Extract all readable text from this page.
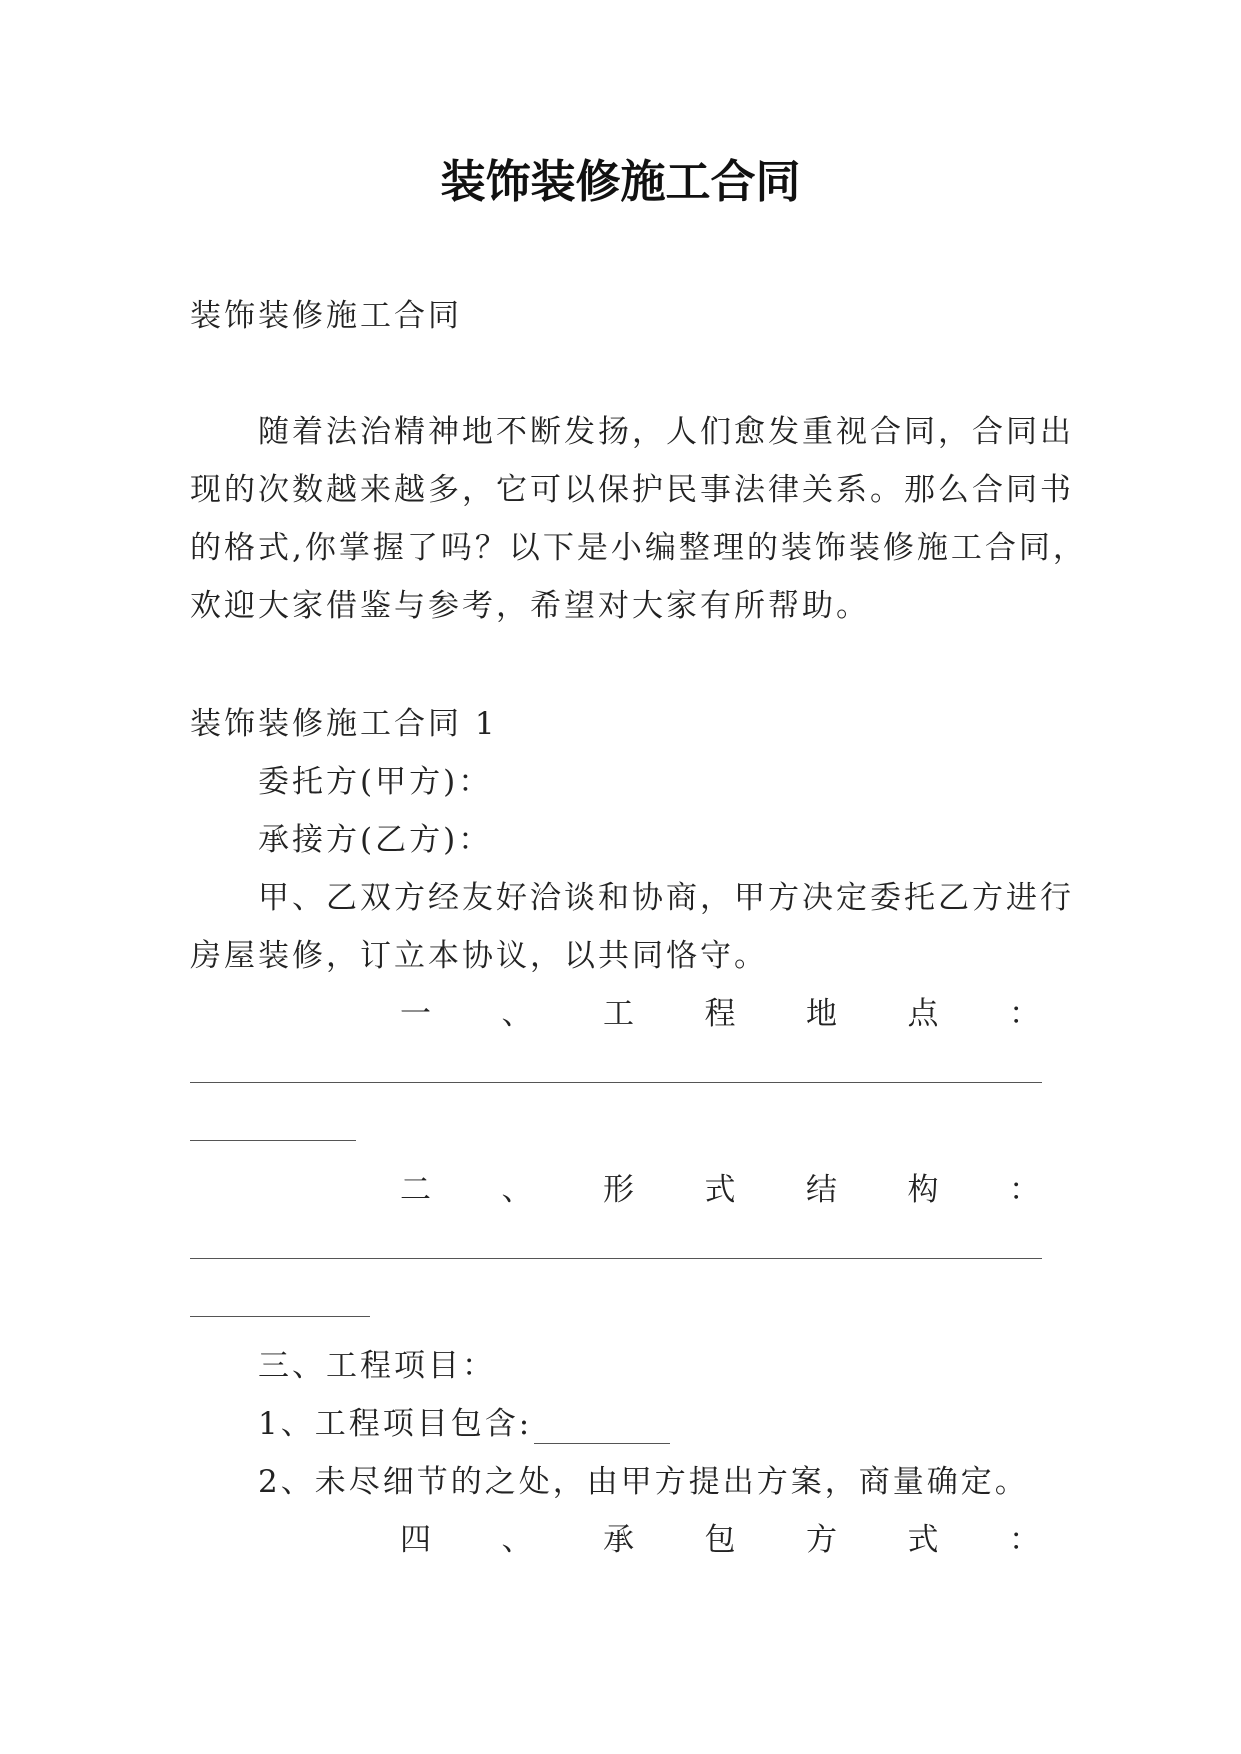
装饰装修施工合同
装饰装修施工合同
随着法治精神地不断发扬，人们愈发重视合同，合同出
现的次数越来越多，它可以保护民事法律关系。那么合同书
的格式,你掌握了吗？以下是小编整理的装饰装修施工合同，
欢迎大家借鉴与参考，希望对大家有所帮助。
装饰装修施工合同 1
委托方(甲方)：
承接方(乙方)：
甲、乙双方经友好洽谈和协商，甲方决定委托乙方进行
房屋装修，订立本协议，以共同恪守。
一 、 工 程 地 点 ：
二 、 形 式 结 构 ：
三、工程项目：
1、工程项目包含:
2、未尽细节的之处，由甲方提出方案，商量确定。
四 、 承 包 方 式 ：
